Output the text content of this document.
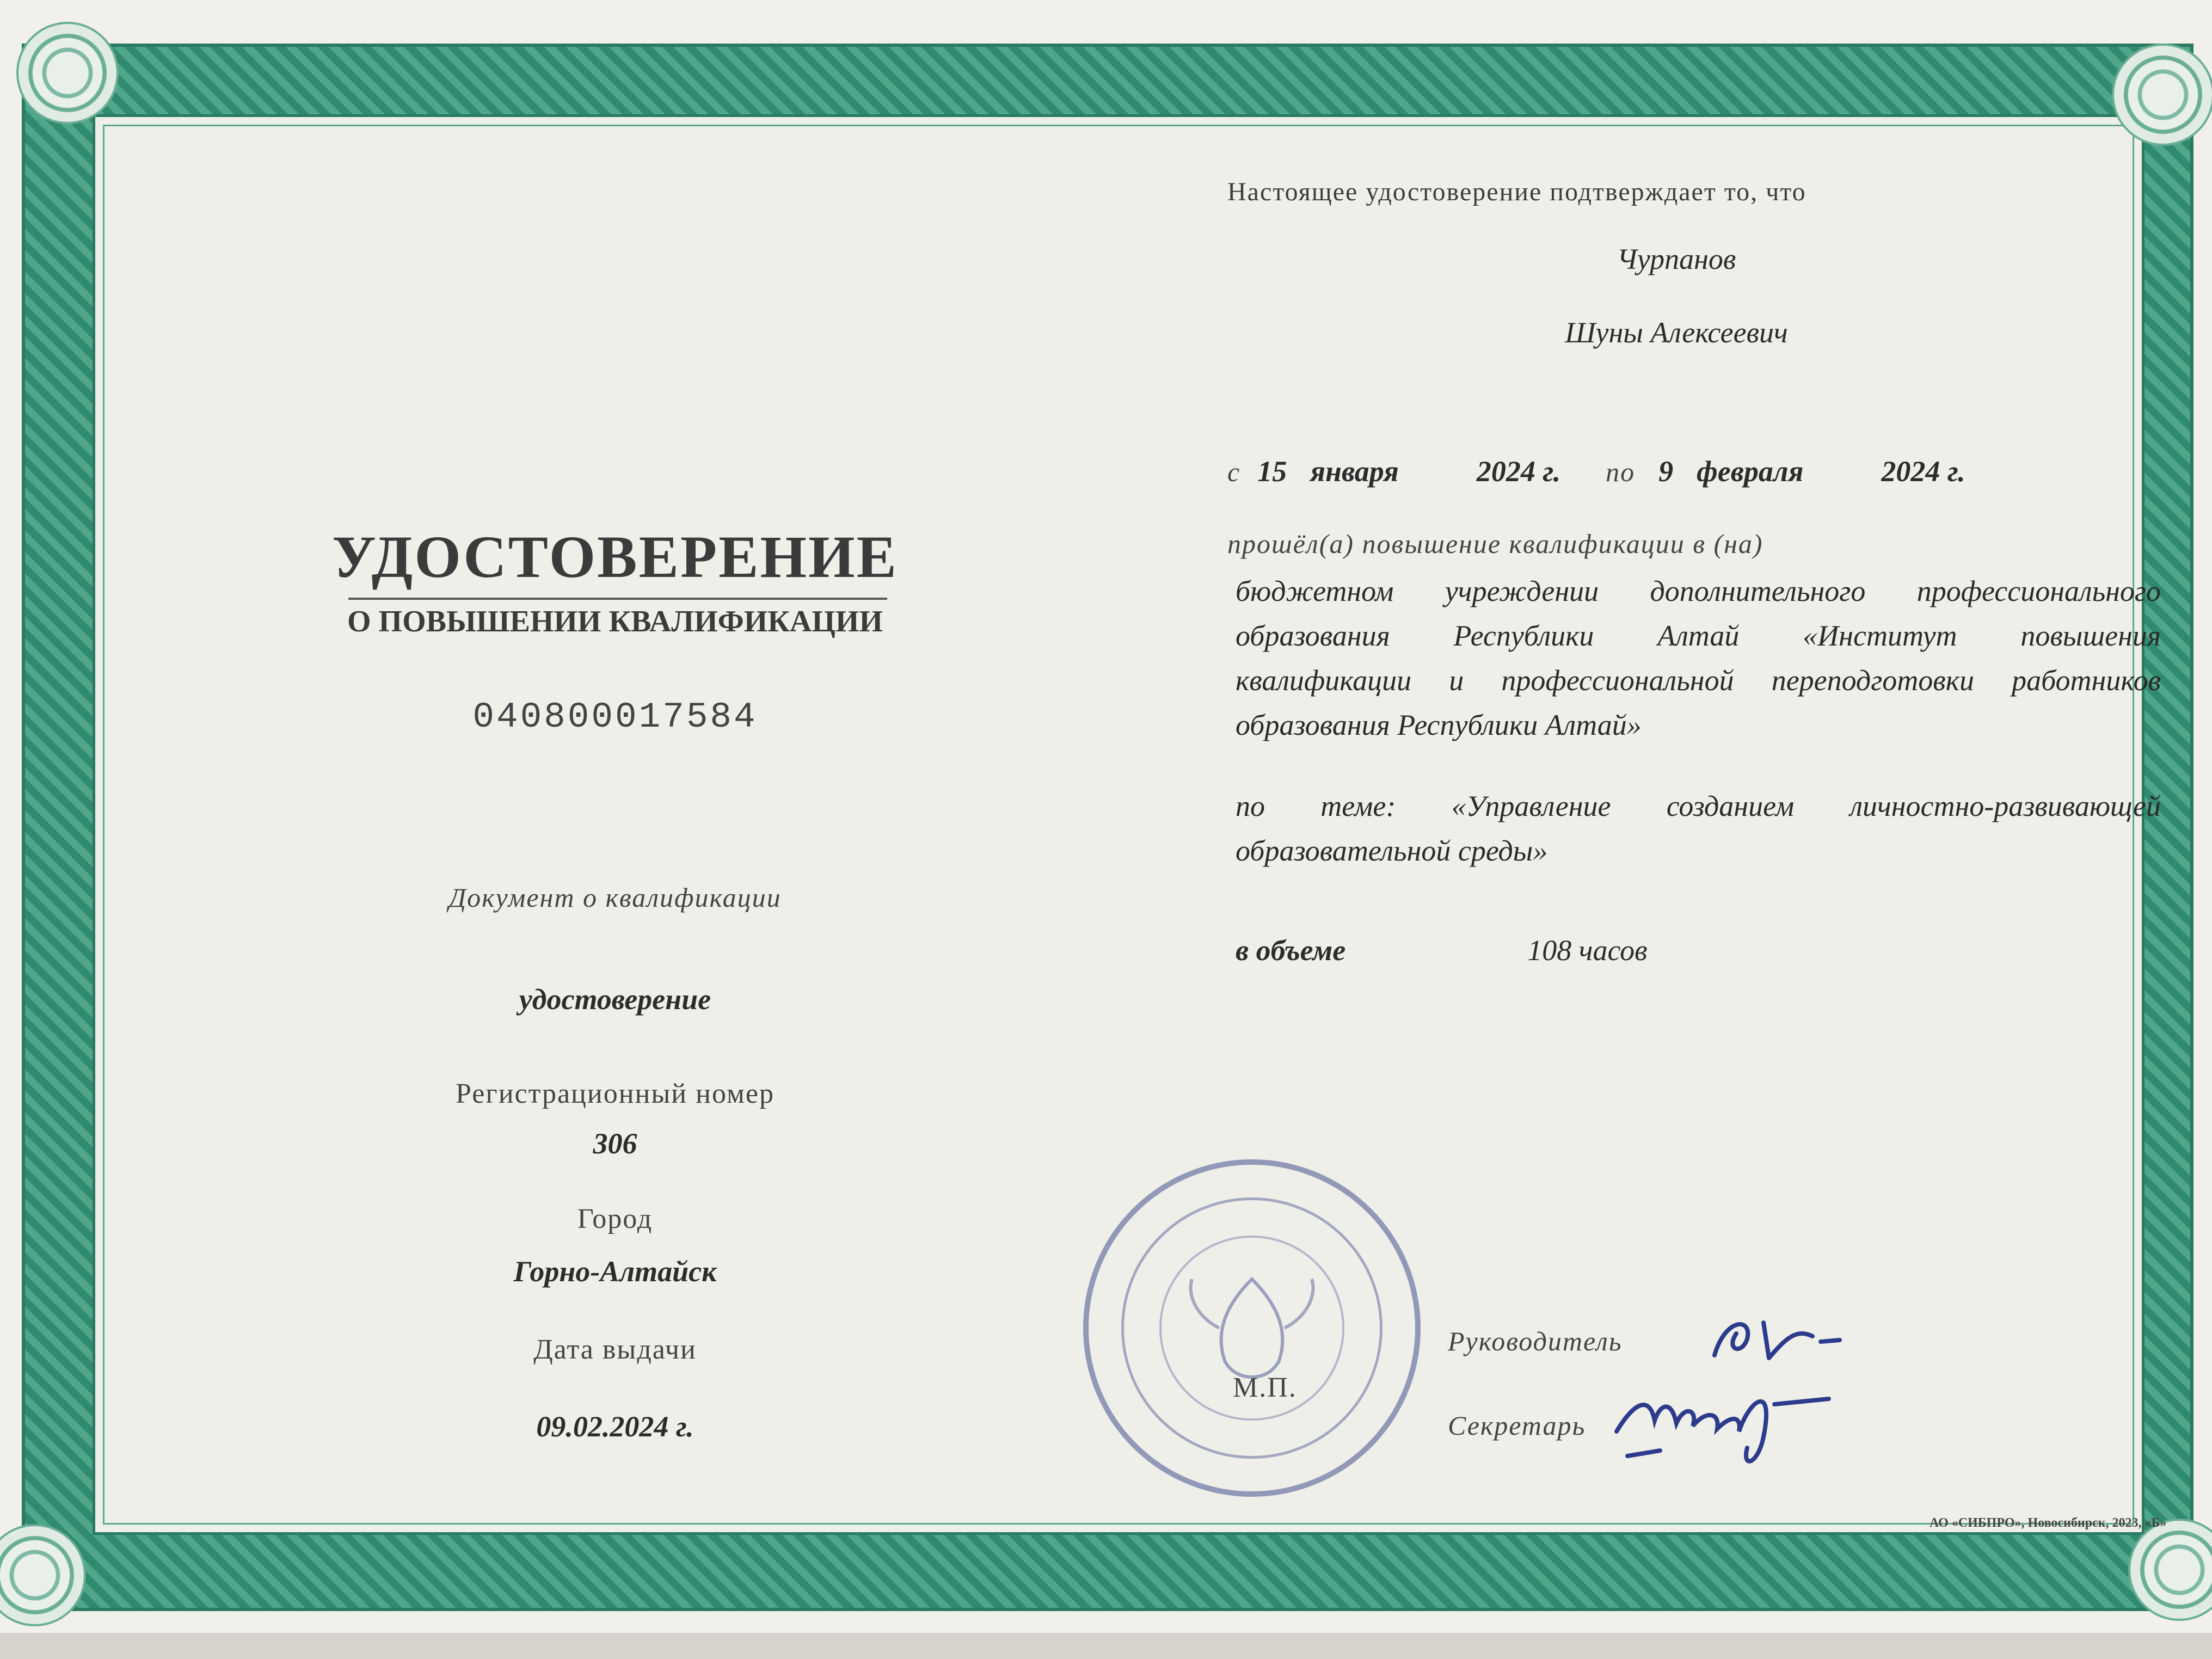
УДОСТОВЕРЕНИЕ
О ПОВЫШЕНИИ КВАЛИФИКАЦИИ
040800017584
Документ о квалификации
удостоверение
Регистрационный номер
306
Город
Горно-Алтайск
Дата выдачи
09.02.2024 г.
Настоящее удостоверение подтверждает то, что
Чурпанов
Шуны Алексеевич
с 15 января	2024 г. по 9 февраля	2024 г.
прошёл(а) повышение квалификации в (на)
бюджетном учреждении дополнительного профессионального
образования Республики Алтай «Институт повышения
квалификации и профессиональной переподготовки работников
образования Республики Алтай»
по теме: «Управление созданием личностно-развивающей
образовательной среды»
в объеме	108 часов
М.П.
Руководитель
Секретарь
АО «СИБПРО», Новосибирск, 2023, «Б»
